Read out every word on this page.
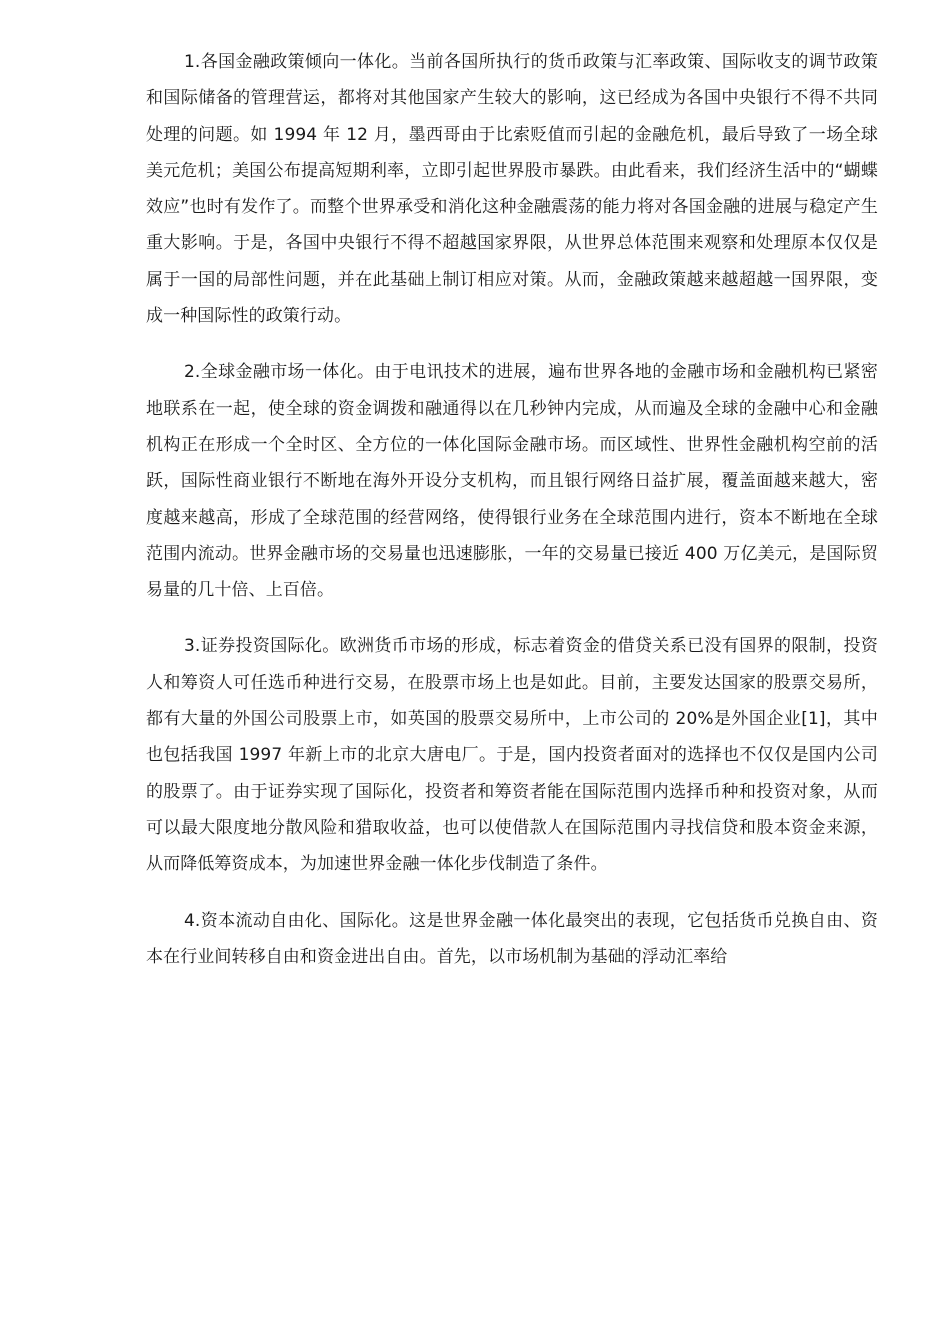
1.各国金融政策倾向一体化。当前各国所执行的货币政策与汇率政策、国际收支的调节政策和国际储备的管理营运，都将对其他国家产生较大的影响，这已经成为各国中央银行不得不共同处理的问题。如 1994 年 12 月，墨西哥由于比索贬值而引起的金融危机，最后导致了一场全球美元危机；美国公布提高短期利率，立即引起世界股市暴跌。由此看来，我们经济生活中的“蝴蝶效应”也时有发作了。而整个世界承受和消化这种金融震荡的能力将对各国金融的进展与稳定产生重大影响。于是，各国中央银行不得不超越国家界限，从世界总体范围来观察和处理原本仅仅是属于一国的局部性问题，并在此基础上制订相应对策。从而，金融政策越来越超越一国界限，变成一种国际性的政策行动。

2.全球金融市场一体化。由于电讯技术的进展，遍布世界各地的金融市场和金融机构已紧密地联系在一起，使全球的资金调拨和融通得以在几秒钟内完成，从而遍及全球的金融中心和金融机构正在形成一个全时区、全方位的一体化国际金融市场。而区域性、世界性金融机构空前的活跃，国际性商业银行不断地在海外开设分支机构，而且银行网络日益扩展，覆盖面越来越大，密度越来越高，形成了全球范围的经营网络，使得银行业务在全球范围内进行，资本不断地在全球范围内流动。世界金融市场的交易量也迅速膨胀，一年的交易量已接近 400 万亿美元，是国际贸易量的几十倍、上百倍。

3.证券投资国际化。欧洲货币市场的形成，标志着资金的借贷关系已没有国界的限制，投资人和筹资人可任选币种进行交易，在股票市场上也是如此。目前，主要发达国家的股票交易所，都有大量的外国公司股票上市，如英国的股票交易所中，上市公司的 20%是外国企业[1]，其中也包括我国 1997 年新上市的北京大唐电厂。于是，国内投资者面对的选择也不仅仅是国内公司的股票了。由于证券实现了国际化，投资者和筹资者能在国际范围内选择币种和投资对象，从而可以最大限度地分散风险和猎取收益，也可以使借款人在国际范围内寻找信贷和股本资金来源，从而降低筹资成本，为加速世界金融一体化步伐制造了条件。

4.资本流动自由化、国际化。这是世界金融一体化最突出的表现，它包括货币兑换自由、资本在行业间转移自由和资金进出自由。首先，以市场机制为基础的浮动汇率给
